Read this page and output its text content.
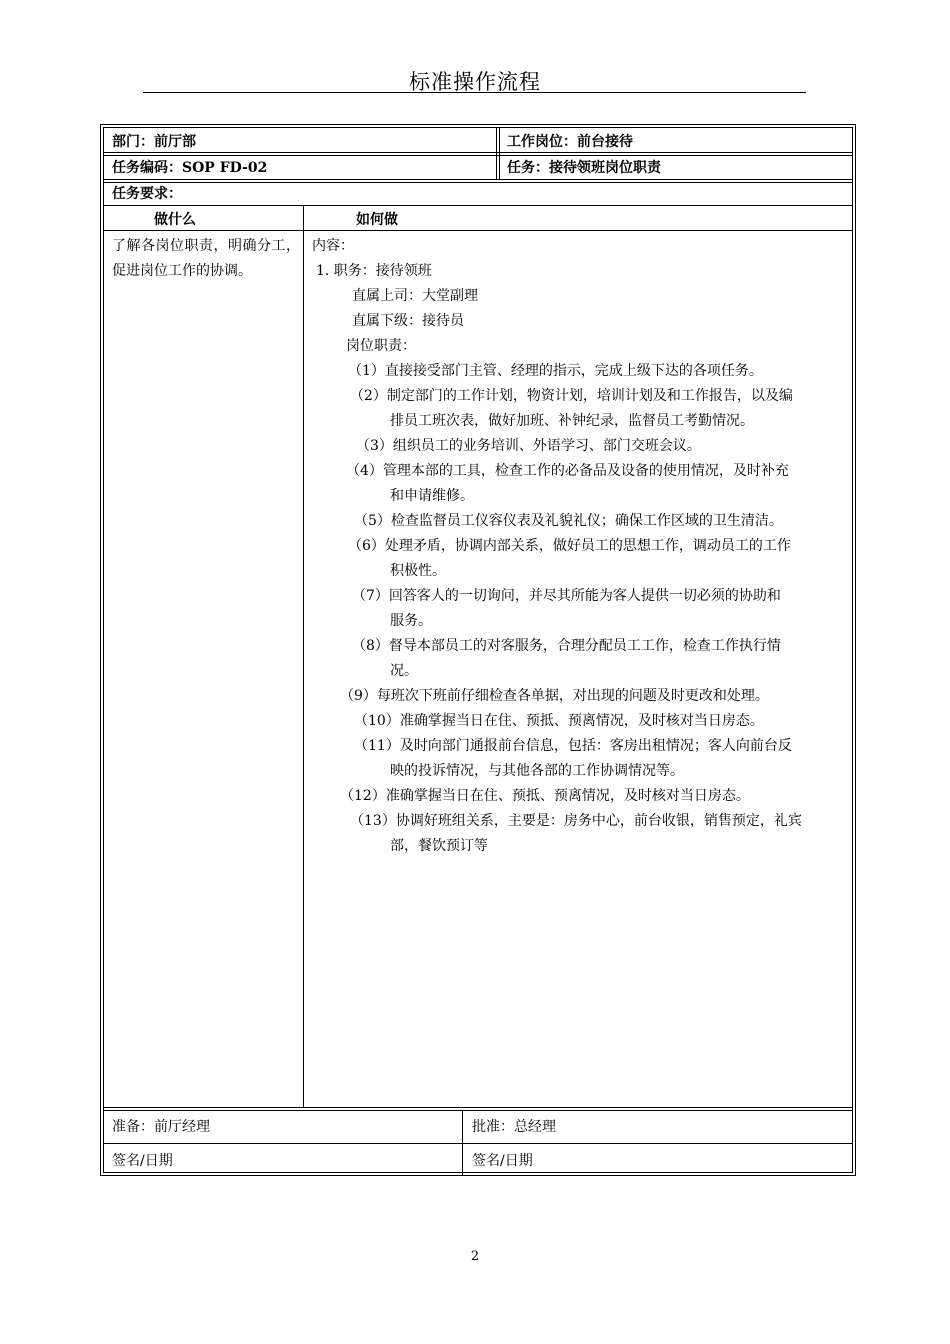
标准操作流程
部门：前厅部	工作岗位：前台接待
任务编码：SOP FD-02	任务：接待领班岗位职责
任务要求：
做什么	如何做
了解各岗位职责，明确分工，促进岗位工作的协调。
内容：
1. 职务：接待领班
直属上司：大堂副理
直属下级：接待员
岗位职责：
（1）直接接受部门主管、经理的指示，完成上级下达的各项任务。
（2）制定部门的工作计划，物资计划，培训计划及和工作报告，以及编
排员工班次表，做好加班、补钟纪录，监督员工考勤情况。
（3）组织员工的业务培训、外语学习、部门交班会议。
（4）管理本部的工具，检查工作的必备品及设备的使用情况，及时补充
和申请维修。
（5）检查监督员工仪容仪表及礼貌礼仪；确保工作区域的卫生清洁。
（6）处理矛盾，协调内部关系，做好员工的思想工作，调动员工的工作
积极性。
（7）回答客人的一切询问，并尽其所能为客人提供一切必须的协助和
服务。
（8）督导本部员工的对客服务，合理分配员工工作，检查工作执行情
况。
（9）每班次下班前仔细检查各单据，对出现的问题及时更改和处理。
（10）准确掌握当日在住、预抵、预离情况，及时核对当日房态。
（11）及时向部门通报前台信息，包括：客房出租情况；客人向前台反
映的投诉情况，与其他各部的工作协调情况等。
（12）准确掌握当日在住、预抵、预离情况，及时核对当日房态。
（13）协调好班组关系，主要是：房务中心，前台收银，销售预定，礼宾
部，餐饮预订等
准备：前厅经理	批准：总经理
签名/日期	签名/日期
2
